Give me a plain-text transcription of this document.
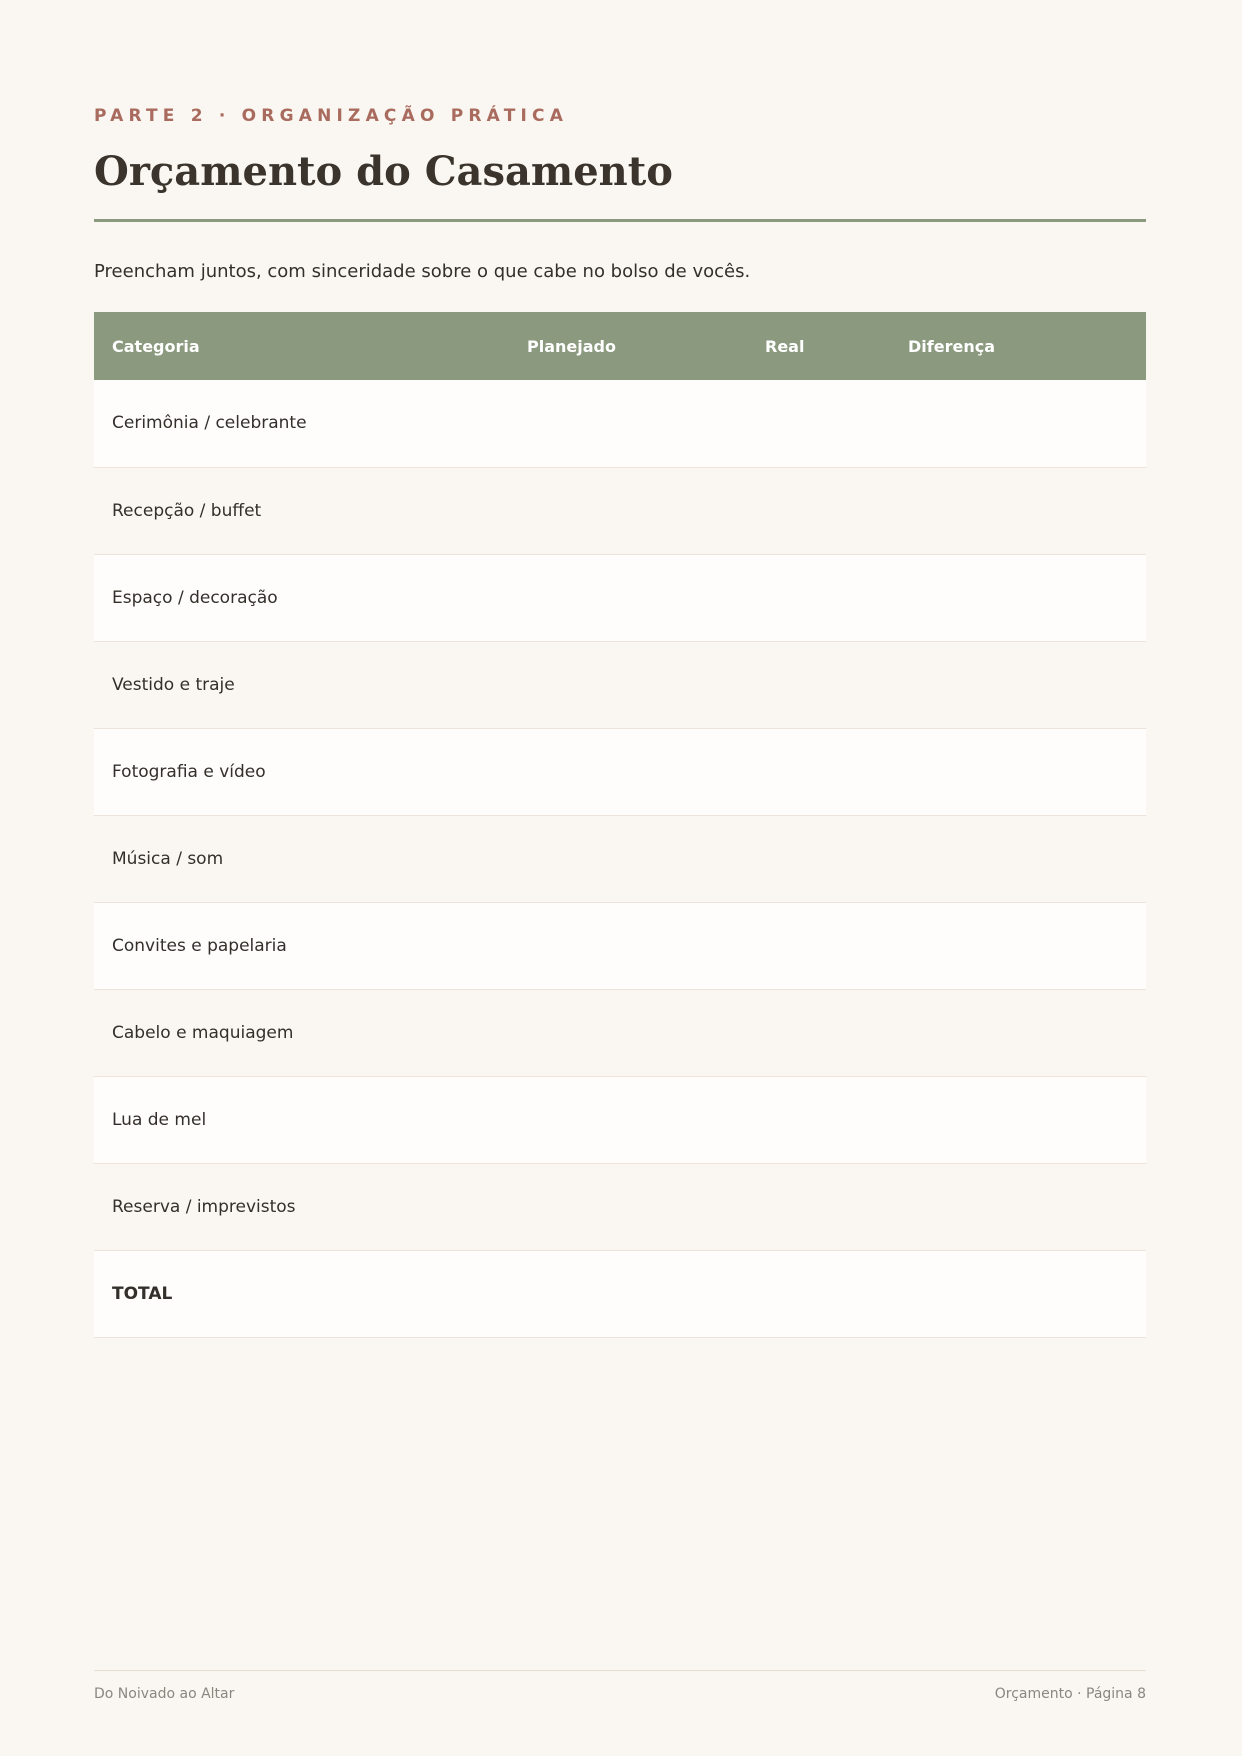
PARTE 2 · ORGANIZAÇÃO PRÁTICA
Orçamento do Casamento

Preencham juntos, com sinceridade sobre o que cabe no bolso de vocês.

Categoria	Planejado	Real	Diferença
Cerimônia / celebrante			
Recepção / buffet			
Espaço / decoração			
Vestido e traje			
Fotografia e vídeo			
Música / som			
Convites e papelaria			
Cabelo e maquiagem			
Lua de mel			
Reserva / imprevistos			
TOTAL			
Do Noivado ao Altar	Orçamento · Página 8
